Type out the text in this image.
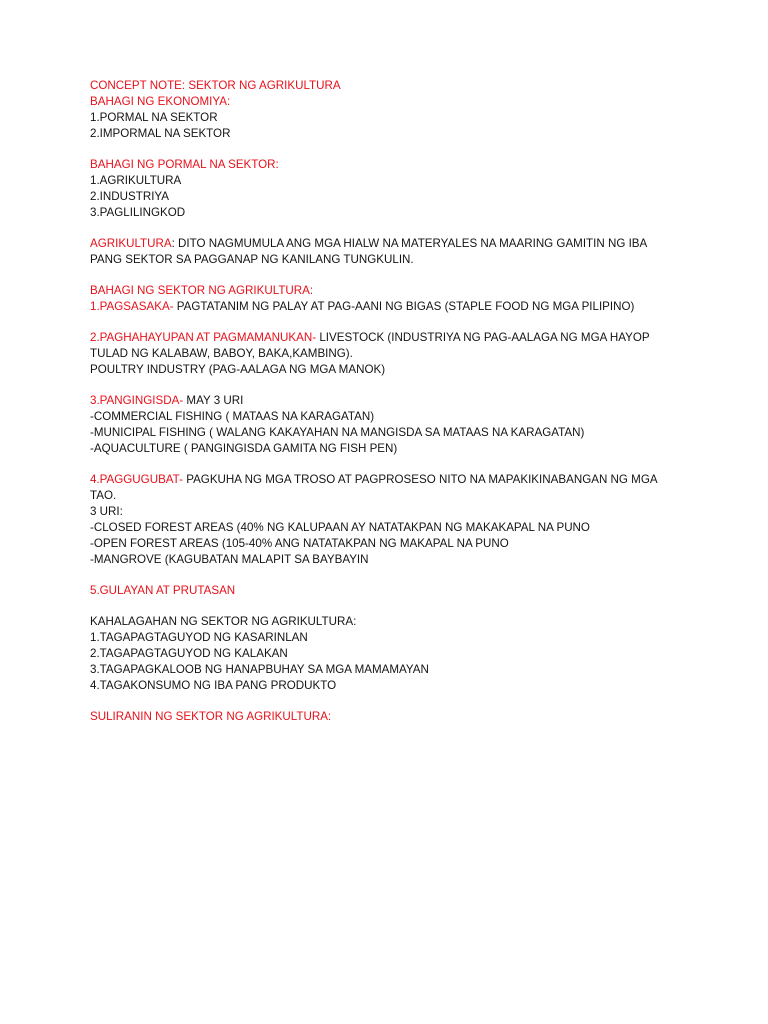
CONCEPT NOTE: SEKTOR NG AGRIKULTURA
BAHAGI NG EKONOMIYA:
1.PORMAL NA SEKTOR
2.IMPORMAL NA SEKTOR
BAHAGI NG PORMAL NA SEKTOR:
1.AGRIKULTURA
2.INDUSTRIYA
3.PAGLILINGKOD
AGRIKULTURA: DITO NAGMUMULA ANG MGA HIALW NA MATERYALES NA MAARING GAMITIN NG IBA PANG SEKTOR SA PAGGANAP NG KANILANG TUNGKULIN.
BAHAGI NG SEKTOR NG AGRIKULTURA:
1.PAGSASAKA- PAGTATANIM NG PALAY AT PAG-AANI NG BIGAS (STAPLE FOOD NG MGA PILIPINO)
2.PAGHAHAYUPAN AT PAGMAMANUKAN- LIVESTOCK (INDUSTRIYA NG PAG-AALAGA NG MGA HAYOP TULAD NG KALABAW, BABOY, BAKA,KAMBING).
POULTRY INDUSTRY (PAG-AALAGA NG MGA MANOK)
3.PANGINGISDA- MAY 3 URI
-COMMERCIAL FISHING ( MATAAS NA KARAGATAN)
-MUNICIPAL FISHING ( WALANG KAKAYAHAN NA MANGISDA SA MATAAS NA KARAGATAN)
-AQUACULTURE ( PANGINGISDA GAMITA NG FISH PEN)
4.PAGGUGUBAT- PAGKUHA NG MGA TROSO AT PAGPROSESO NITO NA MAPAKIKINABANGAN NG MGA TAO.
3 URI:
-CLOSED FOREST AREAS (40% NG KALUPAAN AY NATATAKPAN NG MAKAKAPAL NA PUNO
-OPEN FOREST AREAS (105-40% ANG NATATAKPAN NG MAKAPAL NA PUNO
-MANGROVE (KAGUBATAN MALAPIT SA BAYBAYIN
5.GULAYAN AT PRUTASAN
KAHALAGAHAN NG SEKTOR NG AGRIKULTURA:
1.TAGAPAGTAGUYOD NG KASARINLAN
2.TAGAPAGTAGUYOD NG KALAKAN
3.TAGAPAGKALOOB NG HANAPBUHAY SA MGA MAMAMAYAN
4.TAGAKONSUMO NG IBA PANG PRODUKTO
SULIRANIN NG SEKTOR NG AGRIKULTURA:
